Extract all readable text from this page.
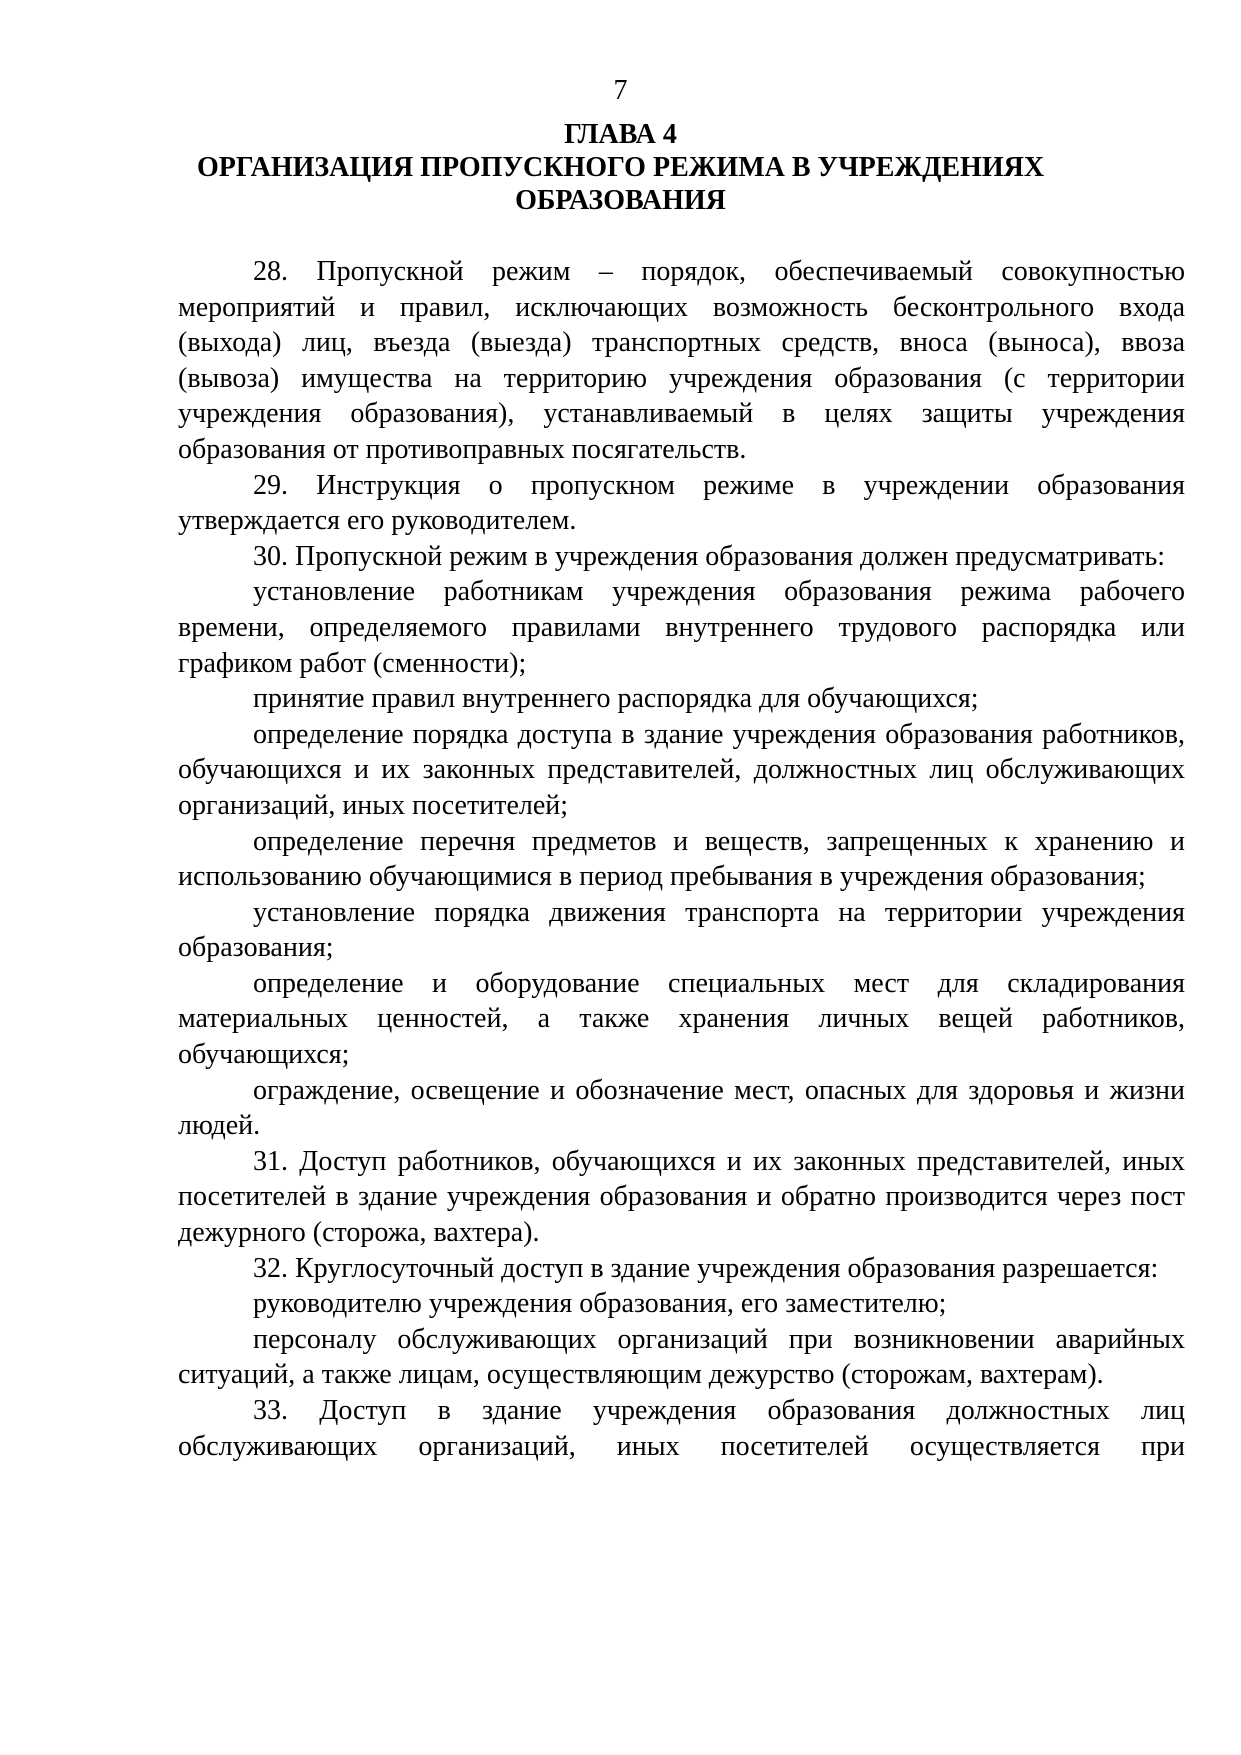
7
ГЛАВА 4
ОРГАНИЗАЦИЯ ПРОПУСКНОГО РЕЖИМА В УЧРЕЖДЕНИЯХ
ОБРАЗОВАНИЯ

28. Пропускной режим – порядок, обеспечиваемый совокупностью мероприятий и правил, исключающих возможность бесконтрольного входа (выхода) лиц, въезда (выезда) транспортных средств, вноса (выноса), ввоза (вывоза) имущества на территорию учреждения образования (с территории учреждения образования), устанавливаемый в целях защиты учреждения образования от противоправных посягательств.

29. Инструкция о пропускном режиме в учреждении образования утверждается его руководителем.

30. Пропускной режим в учреждения образования должен предусматривать:

установление работникам учреждения образования режима рабочего времени, определяемого правилами внутреннего трудового распорядка или графиком работ (сменности);

принятие правил внутреннего распорядка для обучающихся;

определение порядка доступа в здание учреждения образования работников, обучающихся и их законных представителей, должностных лиц обслуживающих организаций, иных посетителей;

определение перечня предметов и веществ, запрещенных к хранению и использованию обучающимися в период пребывания в учреждения образования;

установление порядка движения транспорта на территории учреждения образования;

определение и оборудование специальных мест для складирования материальных ценностей, а также хранения личных вещей работников, обучающихся;

ограждение, освещение и обозначение мест, опасных для здоровья и жизни людей.

31. Доступ работников, обучающихся и их законных представителей, иных посетителей в здание учреждения образования и обратно производится через пост дежурного (сторожа, вахтера).

32. Круглосуточный доступ в здание учреждения образования разрешается:

руководителю учреждения образования, его заместителю;

персоналу обслуживающих организаций при возникновении аварийных ситуаций, а также лицам, осуществляющим дежурство (сторожам, вахтерам).

33. Доступ в здание учреждения образования должностных лиц обслуживающих организаций, иных посетителей осуществляется при
